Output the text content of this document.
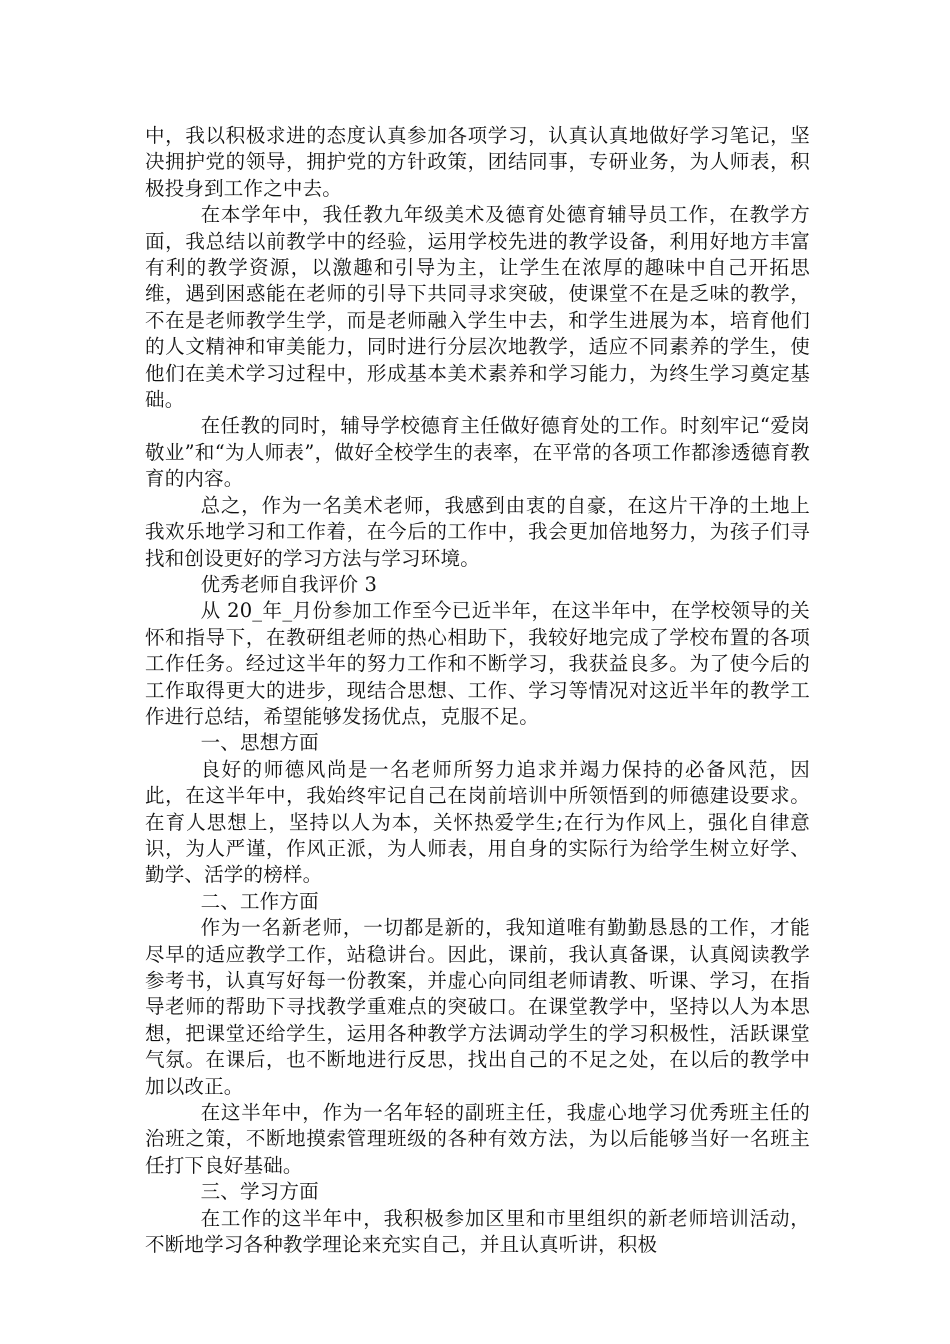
中，我以积极求进的态度认真参加各项学习，认真认真地做好学习笔记，坚决拥护党的领导，拥护党的方针政策，团结同事，专研业务，为人师表，积极投身到工作之中去。

在本学年中，我任教九年级美术及德育处德育辅导员工作，在教学方面，我总结以前教学中的经验，运用学校先进的教学设备，利用好地方丰富有利的教学资源，以激趣和引导为主，让学生在浓厚的趣味中自己开拓思维，遇到困惑能在老师的引导下共同寻求突破，使课堂不在是乏味的教学，不在是老师教学生学，而是老师融入学生中去，和学生进展为本，培育他们的人文精神和审美能力，同时进行分层次地教学，适应不同素养的学生，使他们在美术学习过程中，形成基本美术素养和学习能力，为终生学习奠定基础。

在任教的同时，辅导学校德育主任做好德育处的工作。时刻牢记“爱岗敬业”和“为人师表”，做好全校学生的表率，在平常的各项工作都渗透德育教育的内容。

总之，作为一名美术老师，我感到由衷的自豪，在这片干净的土地上我欢乐地学习和工作着，在今后的工作中，我会更加倍地努力，为孩子们寻找和创设更好的学习方法与学习环境。

优秀老师自我评价 3

从 20_年_月份参加工作至今已近半年，在这半年中，在学校领导的关怀和指导下，在教研组老师的热心相助下，我较好地完成了学校布置的各项工作任务。经过这半年的努力工作和不断学习，我获益良多。为了使今后的工作取得更大的进步，现结合思想、工作、学习等情况对这近半年的教学工作进行总结，希望能够发扬优点，克服不足。

一、思想方面

良好的师德风尚是一名老师所努力追求并竭力保持的必备风范，因此，在这半年中，我始终牢记自己在岗前培训中所领悟到的师德建设要求。在育人思想上，坚持以人为本，关怀热爱学生;在行为作风上，强化自律意识，为人严谨，作风正派，为人师表，用自身的实际行为给学生树立好学、勤学、活学的榜样。

二、工作方面

作为一名新老师，一切都是新的，我知道唯有勤勤恳恳的工作，才能尽早的适应教学工作，站稳讲台。因此，课前，我认真备课，认真阅读教学参考书，认真写好每一份教案，并虚心向同组老师请教、听课、学习，在指导老师的帮助下寻找教学重难点的突破口。在课堂教学中，坚持以人为本思想，把课堂还给学生，运用各种教学方法调动学生的学习积极性，活跃课堂气氛。在课后，也不断地进行反思，找出自己的不足之处，在以后的教学中加以改正。

在这半年中，作为一名年轻的副班主任，我虚心地学习优秀班主任的治班之策，不断地摸索管理班级的各种有效方法，为以后能够当好一名班主任打下良好基础。

三、学习方面

在工作的这半年中，我积极参加区里和市里组织的新老师培训活动，不断地学习各种教学理论来充实自己，并且认真听讲，积极
